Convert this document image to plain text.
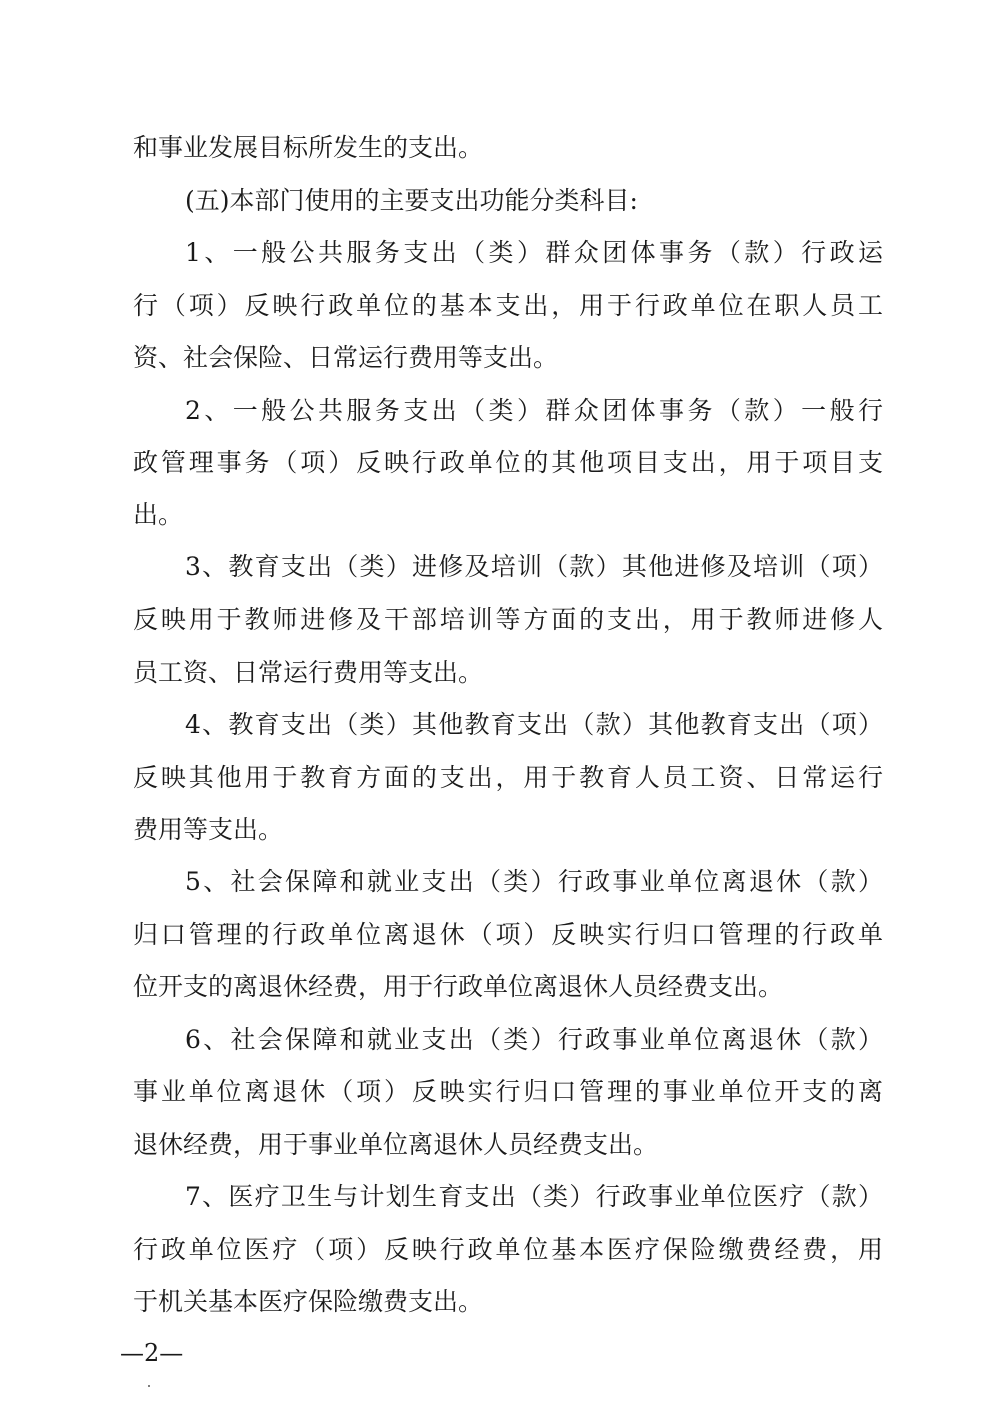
和事业发展目标所发生的支出。
(五)本部门使用的主要支出功能分类科目:
1、一般公共服务支出（类）群众团体事务（款）行政运
行（项）反映行政单位的基本支出，用于行政单位在职人员工
资、社会保险、日常运行费用等支出。
2、一般公共服务支出（类）群众团体事务（款）一般行
政管理事务（项）反映行政单位的其他项目支出，用于项目支
出。
3、教育支出（类）进修及培训（款）其他进修及培训（项）
反映用于教师进修及干部培训等方面的支出，用于教师进修人
员工资、日常运行费用等支出。
4、教育支出（类）其他教育支出（款）其他教育支出（项）
反映其他用于教育方面的支出，用于教育人员工资、日常运行
费用等支出。
5、社会保障和就业支出（类）行政事业单位离退休（款）
归口管理的行政单位离退休（项）反映实行归口管理的行政单
位开支的离退休经费，用于行政单位离退休人员经费支出。
6、社会保障和就业支出（类）行政事业单位离退休（款）
事业单位离退休（项）反映实行归口管理的事业单位开支的离
退休经费，用于事业单位离退休人员经费支出。
7、医疗卫生与计划生育支出（类）行政事业单位医疗（款）
行政单位医疗（项）反映行政单位基本医疗保险缴费经费，用
于机关基本医疗保险缴费支出。
—2—
